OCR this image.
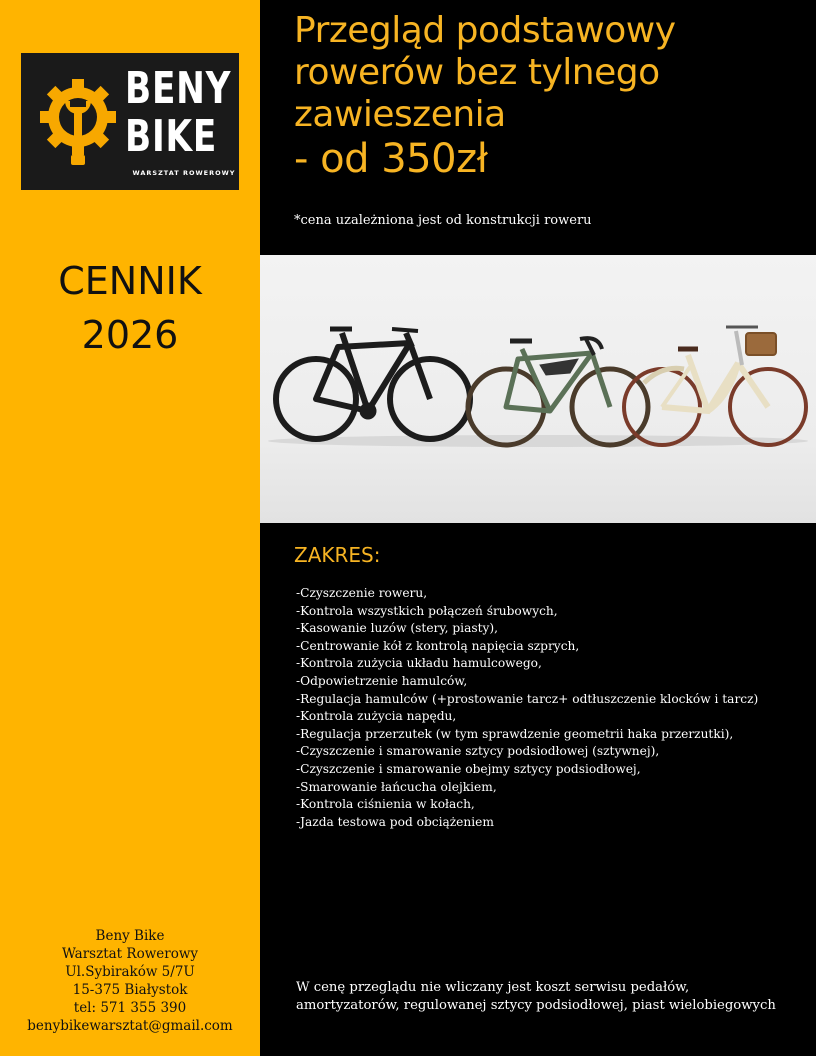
BENY
BIKE
WARSZTAT ROWEROWY
CENNIK
2026
Beny Bike
Warsztat Rowerowy
Ul.Sybiraków 5/7U
15-375 Białystok
tel: 571 355 390
benybikewarsztat@gmail.com
Przegląd podstawowy
rowerów bez tylnego
zawieszenia
- od 350zł
*cena uzależniona jest od konstrukcji roweru
ZAKRES:
-Czyszczenie roweru,
-Kontrola wszystkich połączeń śrubowych,
-Kasowanie luzów (stery, piasty),
-Centrowanie kół z kontrolą napięcia szprych,
-Kontrola zużycia układu hamulcowego,
-Odpowietrzenie hamulców,
-Regulacja hamulców (+prostowanie tarcz+ odtłuszczenie klocków i tarcz)
-Kontrola zużycia napędu,
-Regulacja przerzutek (w tym sprawdzenie geometrii haka przerzutki),
-Czyszczenie i smarowanie sztycy podsiodłowej (sztywnej),
-Czyszczenie i smarowanie obejmy sztycy podsiodłowej,
-Smarowanie łańcucha olejkiem,
-Kontrola ciśnienia w kołach,
-Jazda testowa pod obciążeniem
W cenę przeglądu nie wliczany jest koszt serwisu pedałów,
amortyzatorów, regulowanej sztycy podsiodłowej, piast wielobiegowych
